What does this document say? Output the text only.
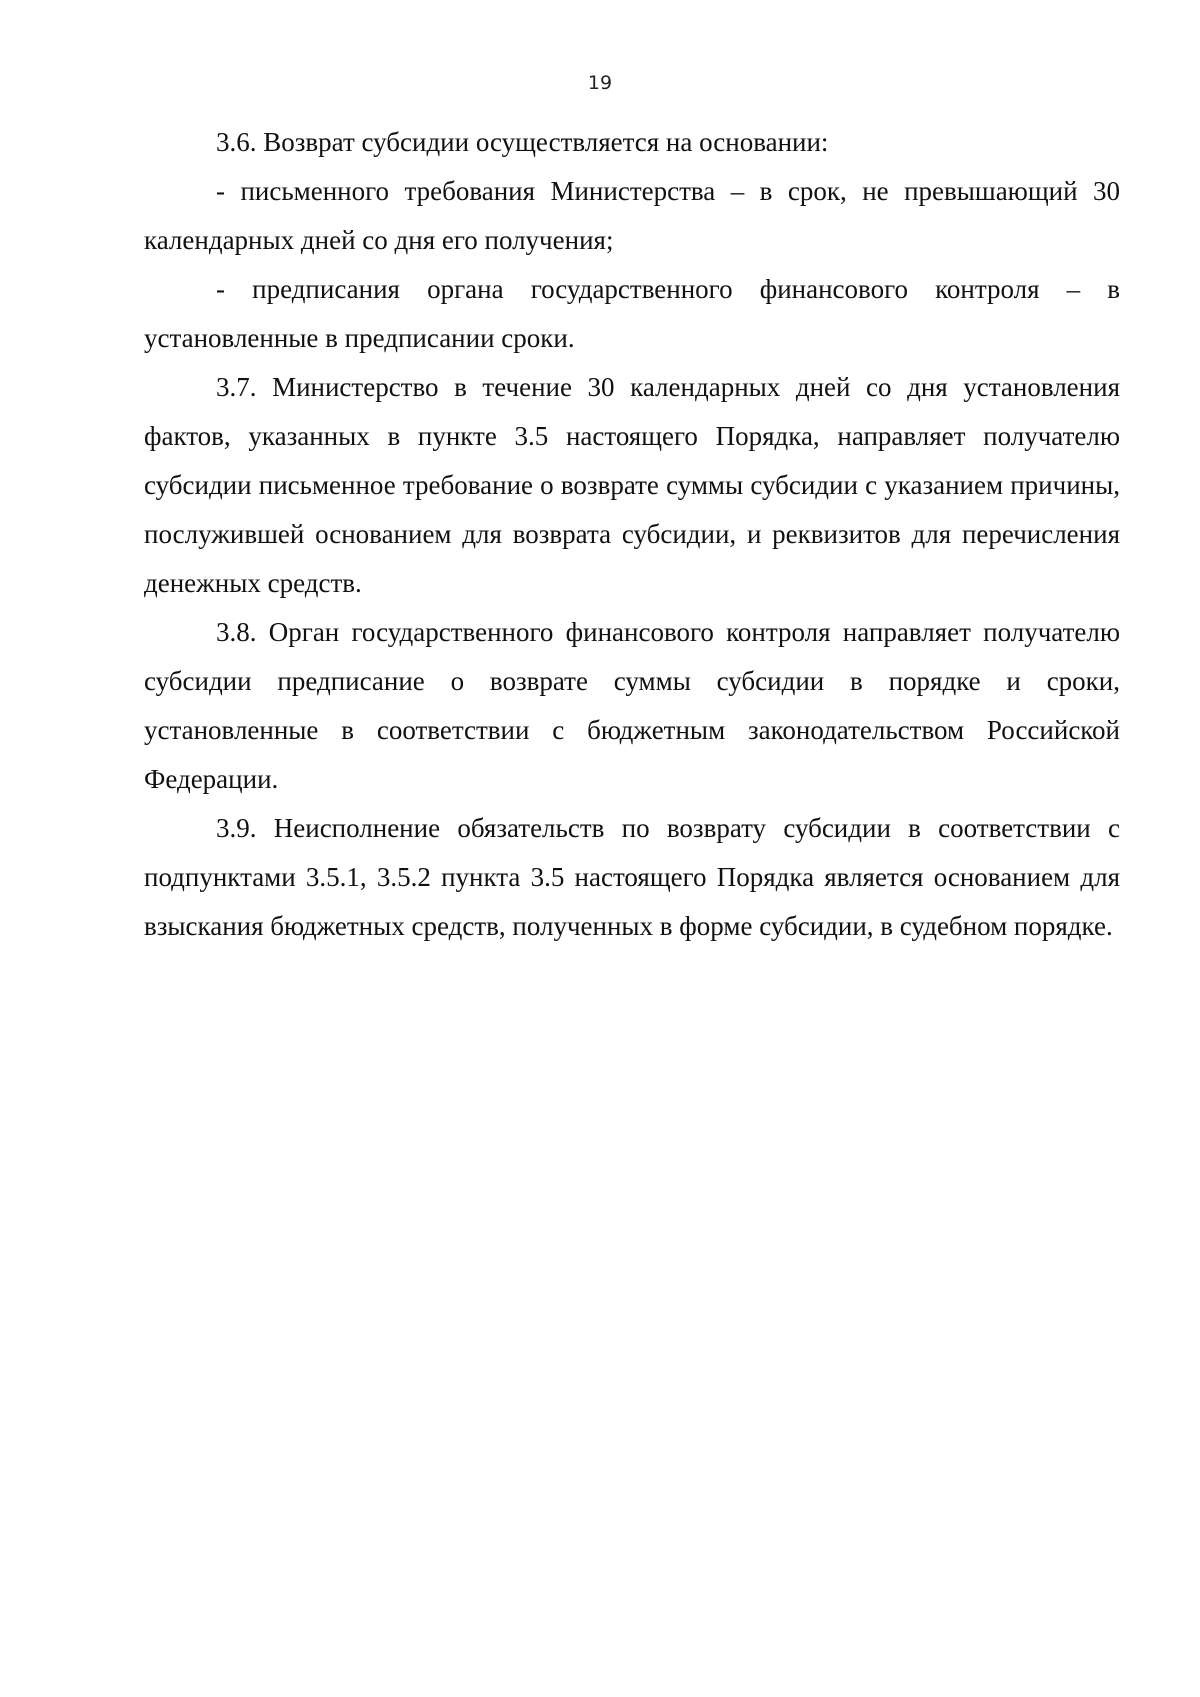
19

3.6. Возврат субсидии осуществляется на основании:

- письменного требования Министерства – в срок, не превышающий 30 календарных дней со дня его получения;

- предписания органа государственного финансового контроля – в установленные в предписании сроки.

3.7. Министерство в течение 30 календарных дней со дня установления фактов, указанных в пункте 3.5 настоящего Порядка, направляет получателю субсидии письменное требование о возврате суммы субсидии с указанием причины, послужившей основанием для возврата субсидии, и реквизитов для перечисления денежных средств.

3.8. Орган государственного финансового контроля направляет получателю субсидии предписание о возврате суммы субсидии в порядке и сроки, установленные в соответствии с бюджетным законодательством Российской Федерации.

3.9. Неисполнение обязательств по возврату субсидии в соответствии с подпунктами 3.5.1, 3.5.2 пункта 3.5 настоящего Порядка является основанием для взыскания бюджетных средств, полученных в форме субсидии, в судебном порядке.
